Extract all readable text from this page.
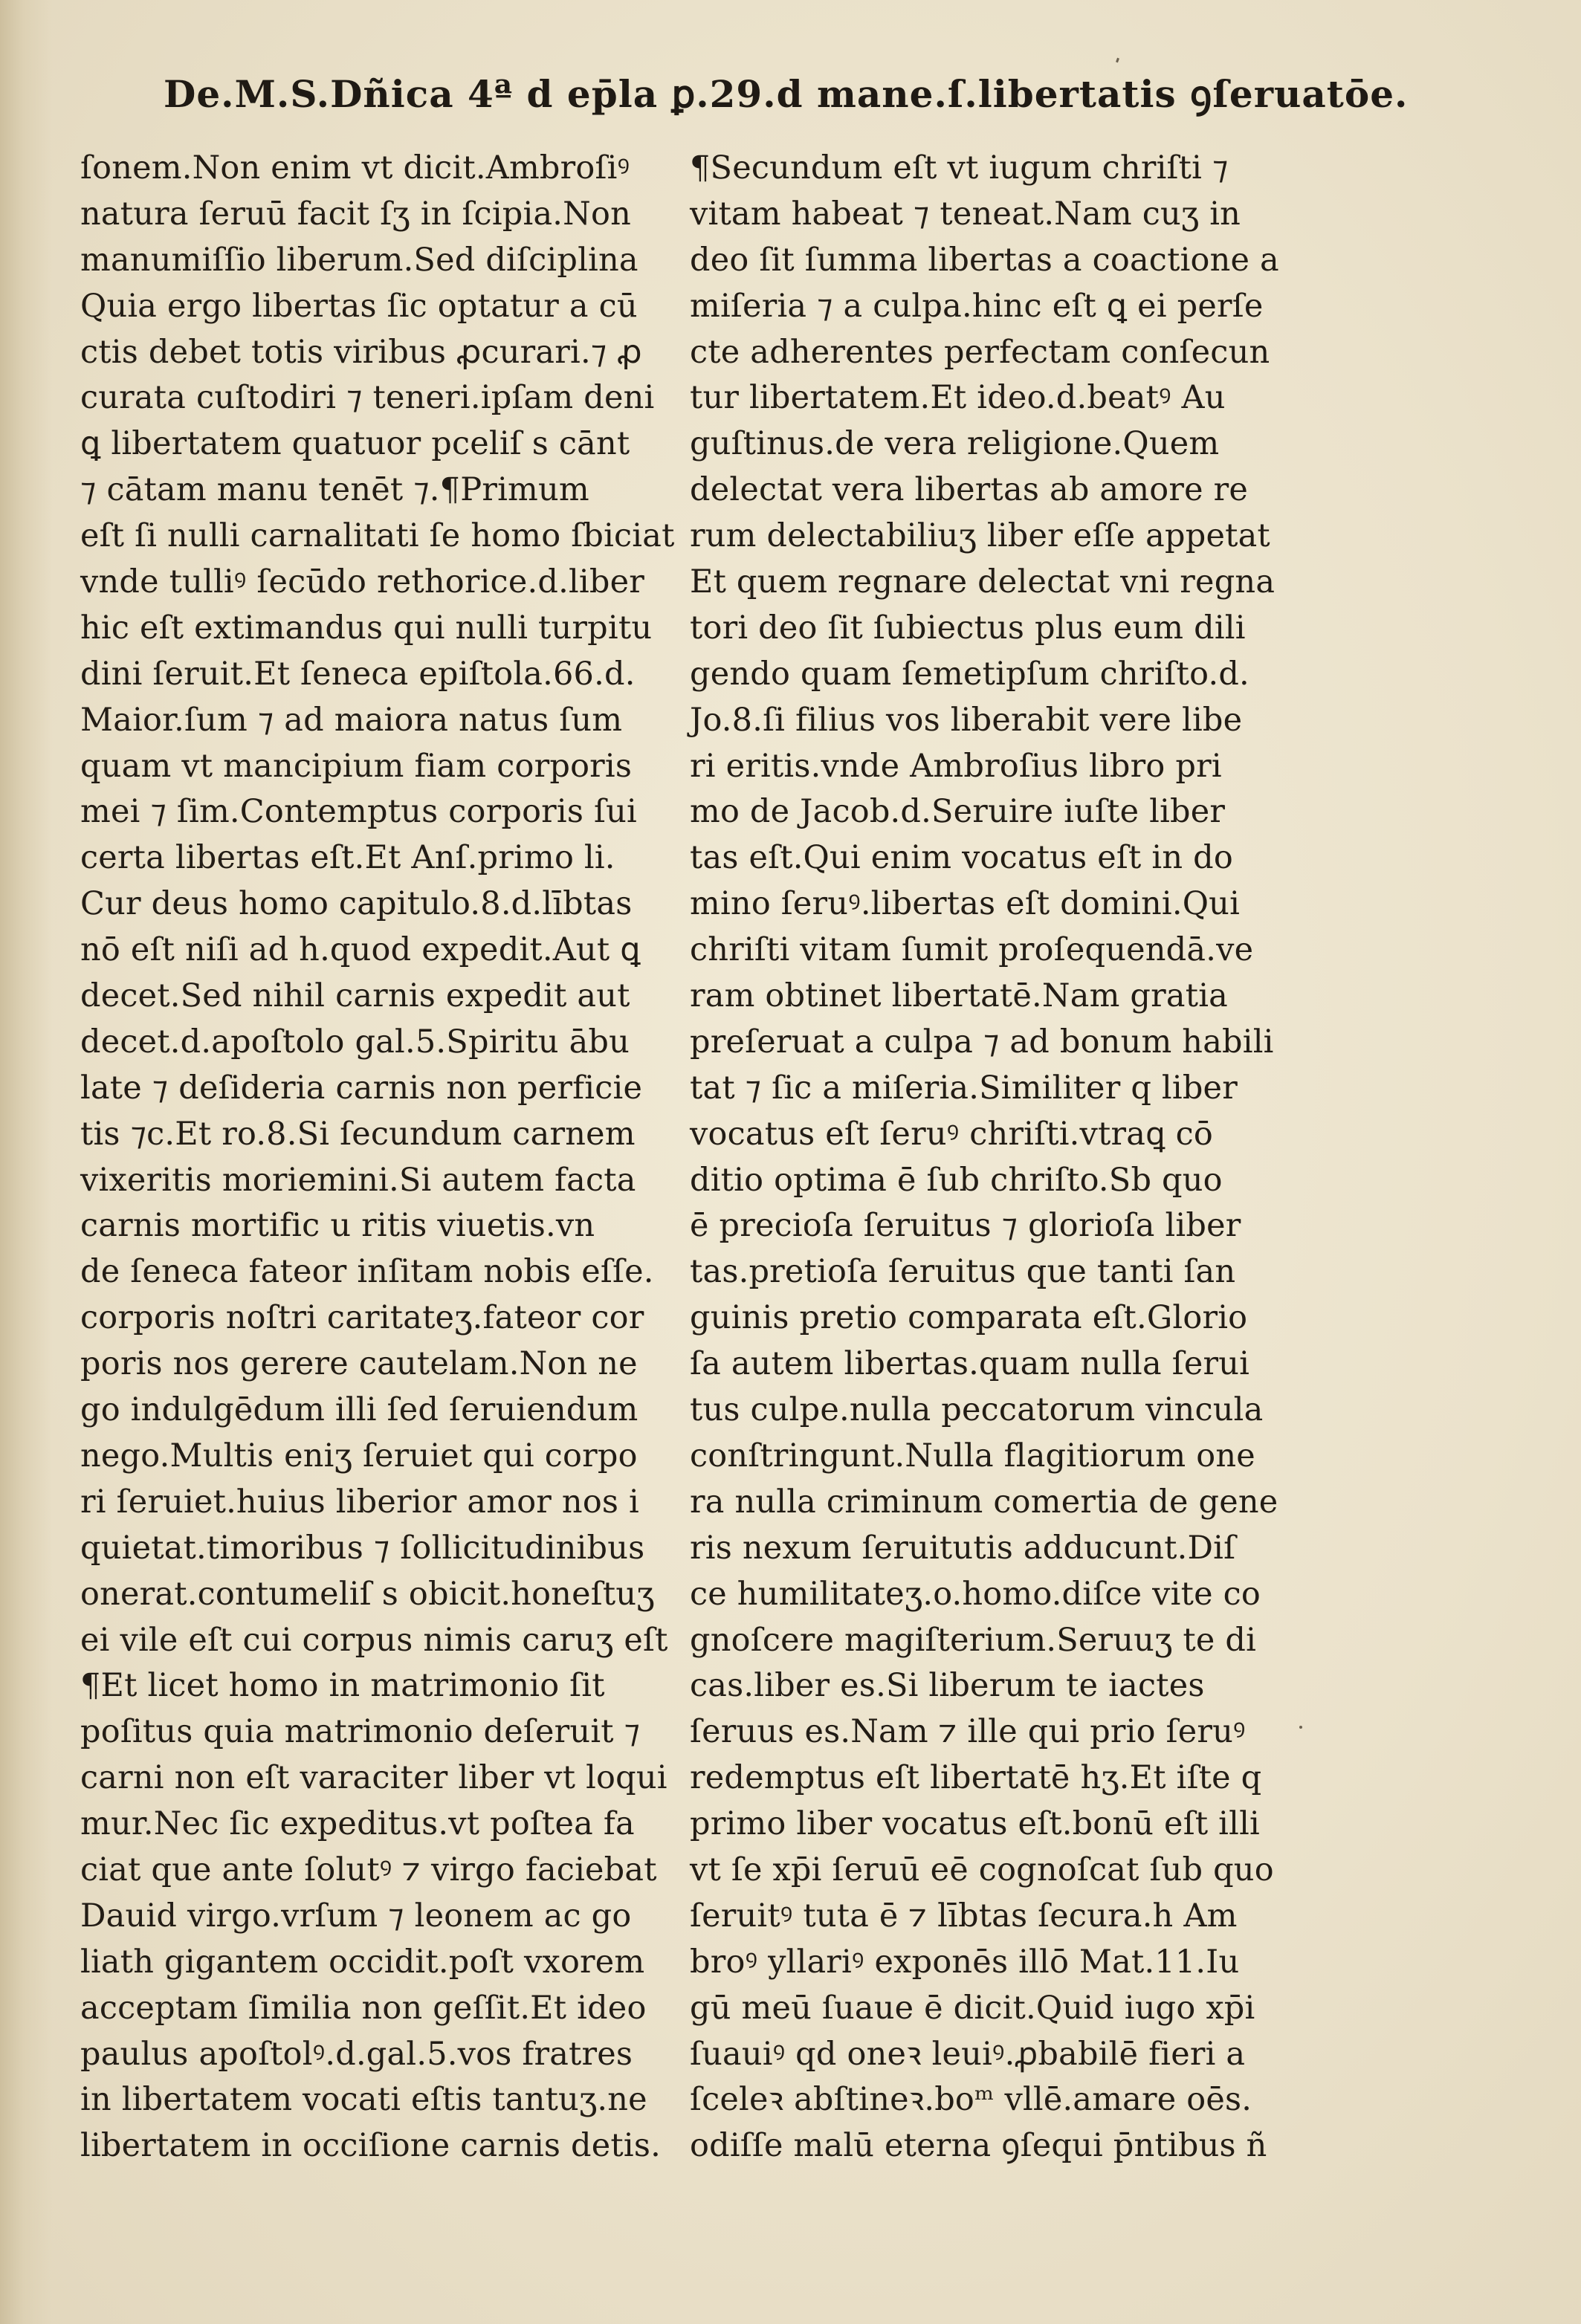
De.M.S.Dñica 4ª d ep̄la ꝑ.29.d mane.ſ.libertatis ꝯſeruatōe.
ſonem.Non enim vt dicit.Ambroſiꝰ
natura ſeruū facit ſʒ in ſcipia.Non
manumiſſio liberum.Sed diſciplina
Quia ergo libertas ſic optatur a cū
ctis debet totis viribus ꝓcurari.⁊ ꝓ
curata cuſtodiri ⁊ teneri.ipſam deni
ꝗ libertatem quatuor pceliſ s cānt
⁊ cātam manu tenēt ⁊.¶Primum
eſt ſi nulli carnalitati ſe homo ſbiciat
vnde tulliꝰ ſecūdo rethorice.d.liber
hic eſt extimandus qui nulli turpitu
dini ſeruit.Et ſeneca epiſtola.66.d.
Maior.ſum ⁊ ad maiora natus ſum
quam vt mancipium fiam corporis
mei ⁊ ſim.Contemptus corporis ſui
certa libertas eſt.Et Anſ.primo li.
Cur deus homo capitulo.8.d.lībtas
nō eſt niſi ad h.quod expedit.Aut ꝗ
decet.Sed nihil carnis expedit aut
decet.d.apoſtolo gal.5.Spiritu ābu
late ⁊ deſideria carnis non perficie
tis ⁊c.Et ro.8.Si ſecundum carnem
vixeritis moriemini.Si autem facta
carnis mortific u ritis viuetis.vn
de ſeneca fateor inſitam nobis eſſe.
corporis noſtri caritateʒ.fateor cor
poris nos gerere cautelam.Non ne
go indulgēdum illi ſed ſeruiendum
nego.Multis eniʒ ſeruiet qui corpo
ri ſeruiet.huius liberior amor nos i
quietat.timoribus ⁊ ſollicitudinibus
onerat.contumeliſ s obicit.honeſtuʒ
ei vile eſt cui corpus nimis caruʒ eſt
¶Et licet homo in matrimonio ſit
poſitus quia matrimonio deſeruit ⁊
carni non eſt varaciter liber vt loqui
mur.Nec ſic expeditus.vt poſtea fa
ciat que ante ſolutꝰ ⁊ virgo faciebat
Dauid virgo.vrſum ⁊ leonem ac go
liath gigantem occidit.poſt vxorem
acceptam ſimilia non geſſit.Et ideo
paulus apoſtolꝰ.d.gal.5.vos fratres
in libertatem vocati eſtis tantuʒ.ne
libertatem in occiſione carnis detis.
¶Secundum eſt vt iugum chriſti ⁊
vitam habeat ⁊ teneat.Nam cuʒ in
deo ſit ſumma libertas a coactione a
miſeria ⁊ a culpa.hinc eſt ꝗ ei perſe
cte adherentes perfectam conſecun
tur libertatem.Et ideo.d.beatꝰ Au
guſtinus.de vera religione.Quem
delectat vera libertas ab amore re
rum delectabiliuʒ liber eſſe appetat
Et quem regnare delectat vni regna
tori deo ſit ſubiectus plus eum dili
gendo quam ſemetipſum chriſto.d.
Jo.8.ſi filius vos liberabit vere libe
ri eritis.vnde Ambroſius libro pri
mo de Jacob.d.Seruire iuſte liber
tas eſt.Qui enim vocatus eſt in do
mino ſeruꝰ.libertas eſt domini.Qui
chriſti vitam ſumit proſequendā.ve
ram obtinet libertatē.Nam gratia
preſeruat a culpa ⁊ ad bonum habili
tat ⁊ ſic a miſeria.Similiter q liber
vocatus eſt ſeruꝰ chriſti.vtraꝗ cō
ditio optima ē ſub chriſto.Sb quo
ē precioſa ſeruitus ⁊ glorioſa liber
tas.pretioſa ſeruitus que tanti ſan
guinis pretio comparata eſt.Glorio
ſa autem libertas.quam nulla ſerui
tus culpe.nulla peccatorum vincula
conſtringunt.Nulla flagitiorum one
ra nulla criminum comertia de gene
ris nexum ſeruitutis adducunt.Diſ
ce humilitateʒ.o.homo.diſce vite co
gnoſcere magiſterium.Seruuʒ te di
cas.liber es.Si liberum te iactes
ſeruus es.Nam ⁊ ille qui prio ſeruꝰ
redemptus eſt libertatē hʒ.Et iſte q
primo liber vocatus eſt.bonū eſt illi
vt ſe xp̄i ſeruū eē cognoſcat ſub quo
ſeruitꝰ tuta ē ⁊ lībtas ſecura.h Am
broꝰ yllariꝰ exponēs illō Mat.11.Iu
gū meū ſuaue ē dicit.Quid iugo xp̄i
ſuauiꝰ qd oneꝛ leuiꝰ.ꝓbabilē fieri a
ſceleꝛ abſtineꝛ.boᵐ vllē.amare oēs.
odiſſe malū eterna ꝯſequi p̄ntibus ñ
